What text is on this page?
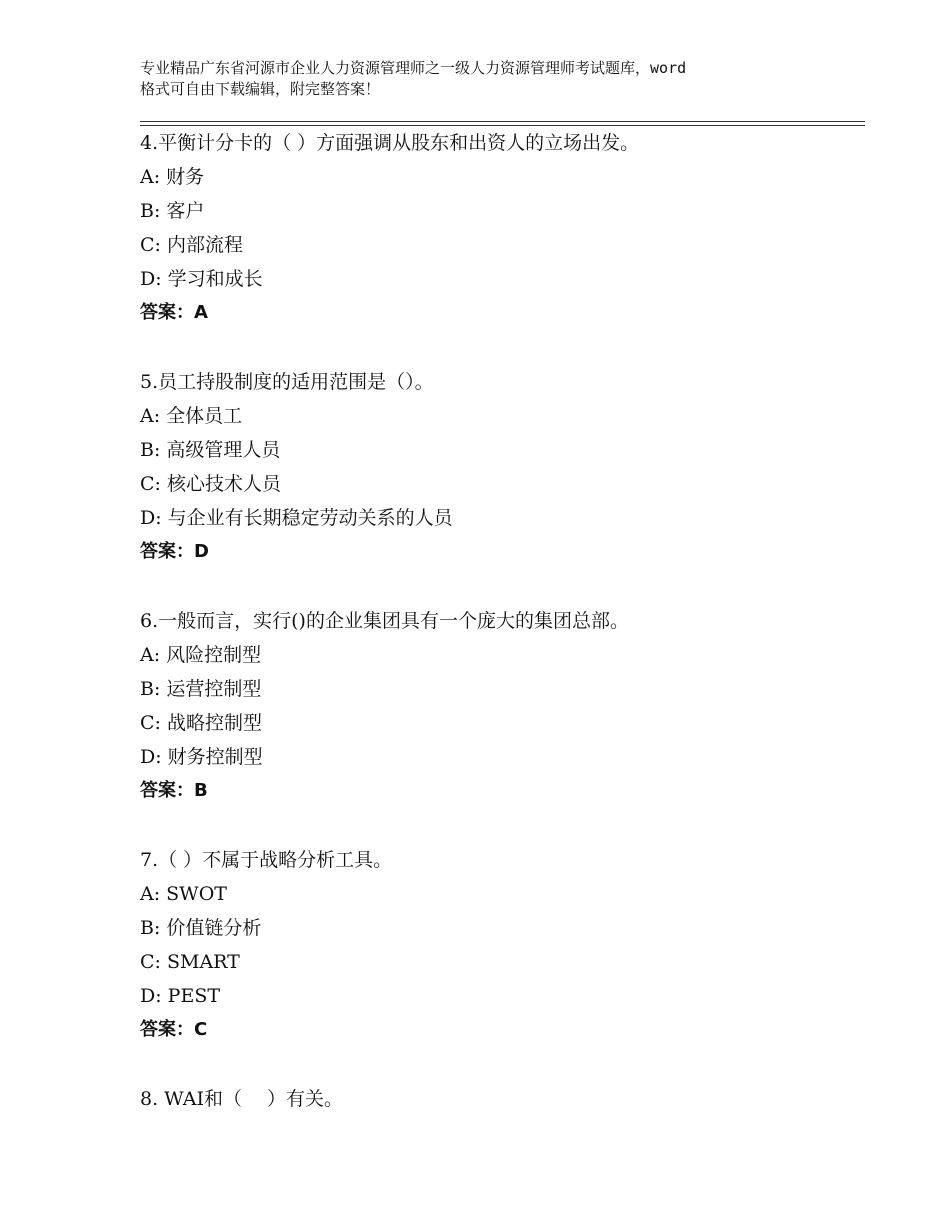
专业精品广东省河源市企业人力资源管理师之一级人力资源管理师考试题库，word
格式可自由下载编辑，附完整答案！
4.平衡计分卡的（ ）方面强调从股东和出资人的立场出发。
A: 财务
B: 客户
C: 内部流程
D: 学习和成长
答案：A
5.员工持股制度的适用范围是（）。
A: 全体员工
B: 高级管理人员
C: 核心技术人员
D: 与企业有长期稳定劳动关系的人员
答案：D
6.一般而言，实行()的企业集团具有一个庞大的集团总部。
A: 风险控制型
B: 运营控制型
C: 战略控制型
D: 财务控制型
答案：B
7.（ ）不属于战略分析工具。
A: SWOT
B: 价值链分析
C: SMART
D: PEST
答案：C
8. WAI和（　 ）有关。
